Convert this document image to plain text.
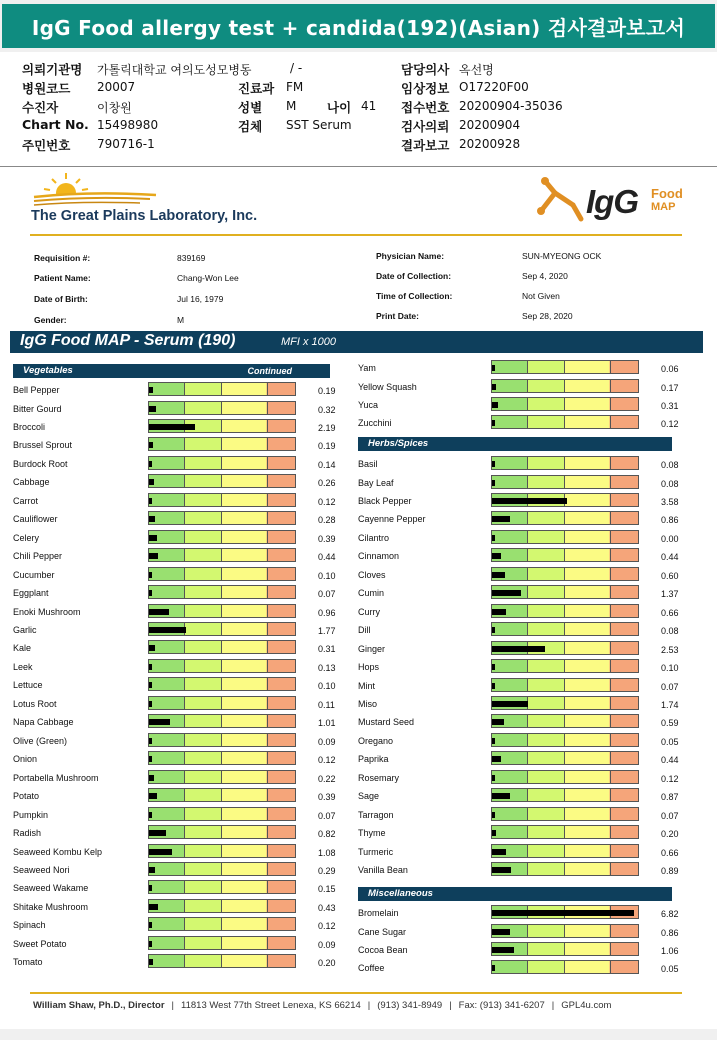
IgG Food allergy test + candida(192)(Asian) 검사결과보고서
의뢰기관명 가톨릭대학교 여의도성모병동	/ -	담당의사 옥선명
병원코드 20007	진료과 FM	임상정보 O17220F00
수진자	이창원	성별 M 나이 41 접수번호 20200904-35036
Chart No. 15498980	검체 SST Serum	검사의뢰 20200904
주민번호 790716-1	결과보고 20200928
The Great Plains Laboratory, Inc.	IgG Food
MAP
Requisition #:	839169	Physician Name:	SUN-MYEONG OCK
Patient Name:	Chang-Won Lee	Date of Collection:	Sep 4, 2020
Date of Birth:	Jul 16, 1979	Time of Collection:	Not Given
Gender:	M	Print Date:	Sep 28, 2020
IgG Food MAP - Serum (190)	MFI x 1000
Vegetables	Continued
Bell Pepper	0.19
Bitter Gourd	0.32
Broccoli	2.19
Brussel Sprout	0.19
Burdock Root	0.14
Cabbage	0.26
Carrot	0.12
Cauliflower	0.28
Celery	0.39
Chili Pepper	0.44
Cucumber	0.10
Eggplant	0.07
Enoki Mushroom	0.96
Garlic	1.77
Kale	0.31
Leek	0.13
Lettuce	0.10
Lotus Root	0.11
Napa Cabbage	1.01
Olive (Green)	0.09
Onion	0.12
Portabella Mushroom	0.22
Potato	0.39
Pumpkin	0.07
Radish	0.82
Seaweed Kombu Kelp	1.08
Seaweed Nori	0.29
Seaweed Wakame	0.15
Shitake Mushroom	0.43
Spinach	0.12
Sweet Potato	0.09
Tomato	0.20
Yam	0.06
Yellow Squash	0.17
Yuca	0.31
Zucchini	0.12
Herbs/Spices
Basil	0.08
Bay Leaf	0.08
Black Pepper	3.58
Cayenne Pepper	0.86
Cilantro	0.00
Cinnamon	0.44
Cloves	0.60
Cumin	1.37
Curry	0.66
Dill	0.08
Ginger	2.53
Hops	0.10
Mint	0.07
Miso	1.74
Mustard Seed	0.59
Oregano	0.05
Paprika	0.44
Rosemary	0.12
Sage	0.87
Tarragon	0.07
Thyme	0.20
Turmeric	0.66
Vanilla Bean	0.89
Miscellaneous
Bromelain	6.82
Cane Sugar	0.86
Cocoa Bean	1.06
Coffee	0.05
William Shaw, Ph.D., Director | 11813 West 77th Street Lenexa, KS 66214 | (913) 341-8949 | Fax: (913) 341-6207 | GPL4u.com
